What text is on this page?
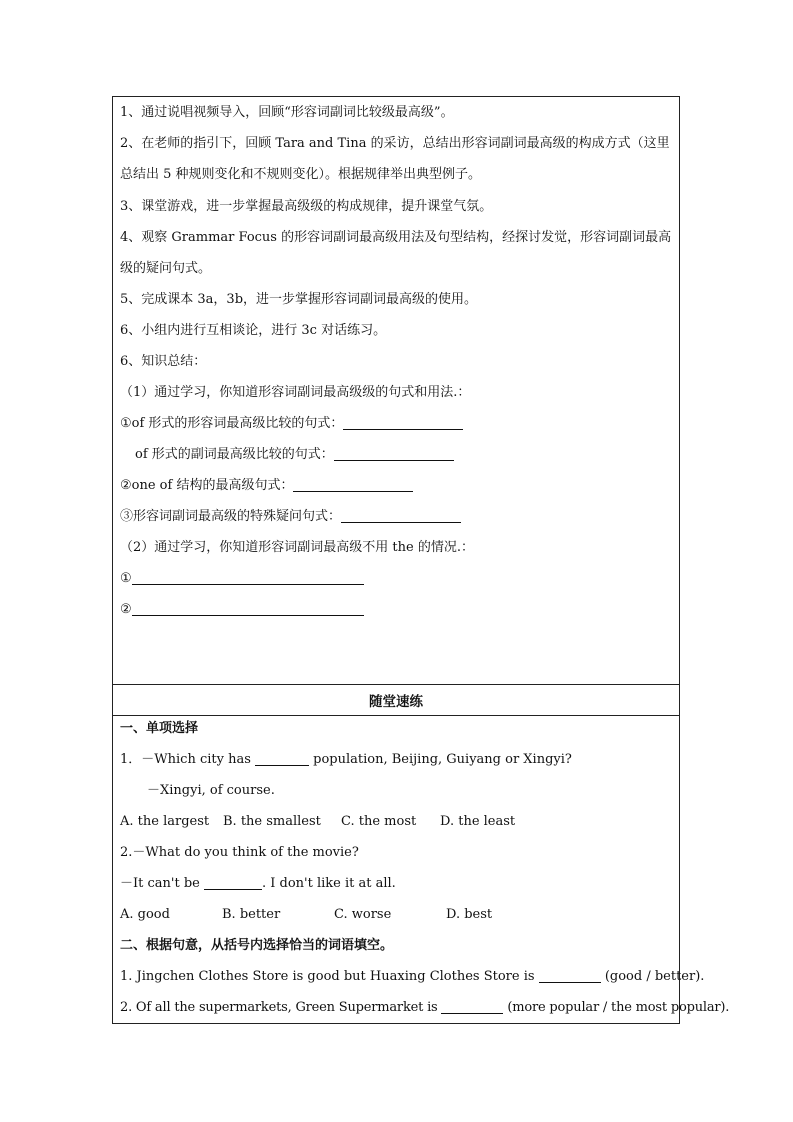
1、通过说唱视频导入，回顾“形容词副词比较级最高级”。
2、在老师的指引下，回顾 Tara and Tina 的采访，总结出形容词副词最高级的构成方式（这里总结出 5 种规则变化和不规则变化）。根据规律举出典型例子。
3、课堂游戏，进一步掌握最高级级的构成规律，提升课堂气氛。
4、观察 Grammar Focus 的形容词副词最高级用法及句型结构，经探讨发觉，形容词副词最高级的疑问句式。
5、完成课本 3a，3b，进一步掌握形容词副词最高级的使用。
6、小组内进行互相谈论，进行 3c 对话练习。
6、知识总结：
（1）通过学习，你知道形容词副词最高级级的句式和用法.：
①of 形式的形容词最高级比较的句式：
of 形式的副词最高级比较的句式：
②one of 结构的最高级句式：
③形容词副词最高级的特殊疑问句式：
（2）通过学习，你知道形容词副词最高级不用 the 的情况.：
①
②
随堂速练
一、单项选择
1．－Which city has	population, Beijing, Guiyang or Xingyi?
－Xingyi, of course.
A. the largest B. the smallest C. the most D. the least
2.－What do you think of the movie?
－It can't be	. I don't like it at all.
A. good	B. better	C. worse	D. best
二、根据句意，从括号内选择恰当的词语填空。
1. Jingchen Clothes Store is good but Huaxing Clothes Store is	(good / better).
2. Of all the supermarkets, Green Supermarket is	(more popular / the most popular).
